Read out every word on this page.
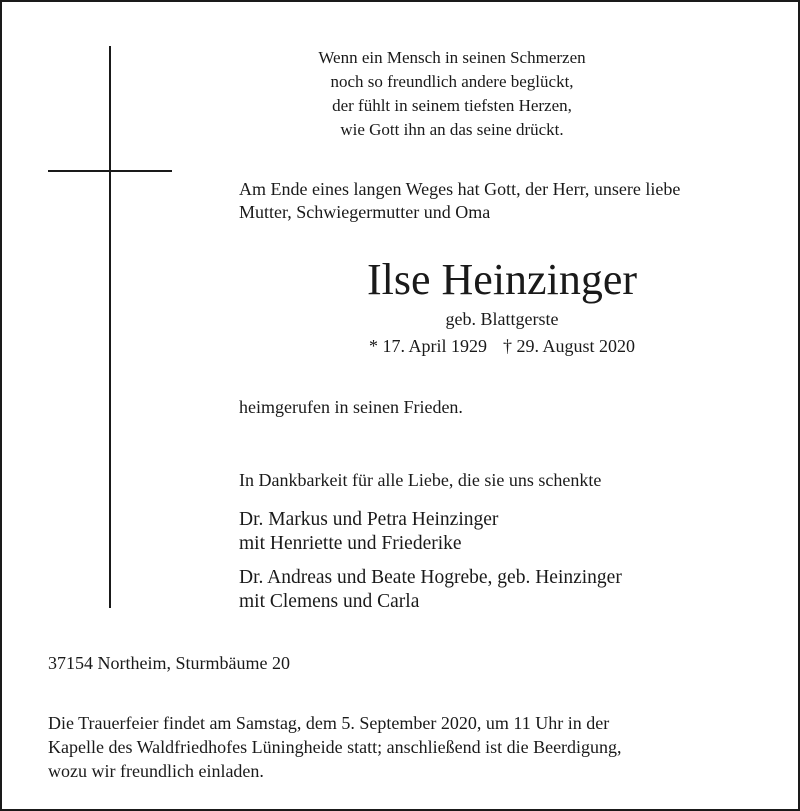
Wenn ein Mensch in seinen Schmerzen
noch so freundlich andere beglückt,
der fühlt in seinem tiefsten Herzen,
wie Gott ihn an das seine drückt.
Am Ende eines langen Weges hat Gott, der Herr, unsere liebe
Mutter, Schwiegermutter und Oma
Ilse Heinzinger
geb. Blattgerste
* 17. April 1929 † 29. August 2020
heimgerufen in seinen Frieden.
In Dankbarkeit für alle Liebe, die sie uns schenkte
Dr. Markus und Petra Heinzinger
mit Henriette und Friederike
Dr. Andreas und Beate Hogrebe, geb. Heinzinger
mit Clemens und Carla
37154 Northeim, Sturmbäume 20
Die Trauerfeier findet am Samstag, dem 5. September 2020, um 11 Uhr in der
Kapelle des Waldfriedhofes Lüningheide statt; anschließend ist die Beerdigung,
wozu wir freundlich einladen.
